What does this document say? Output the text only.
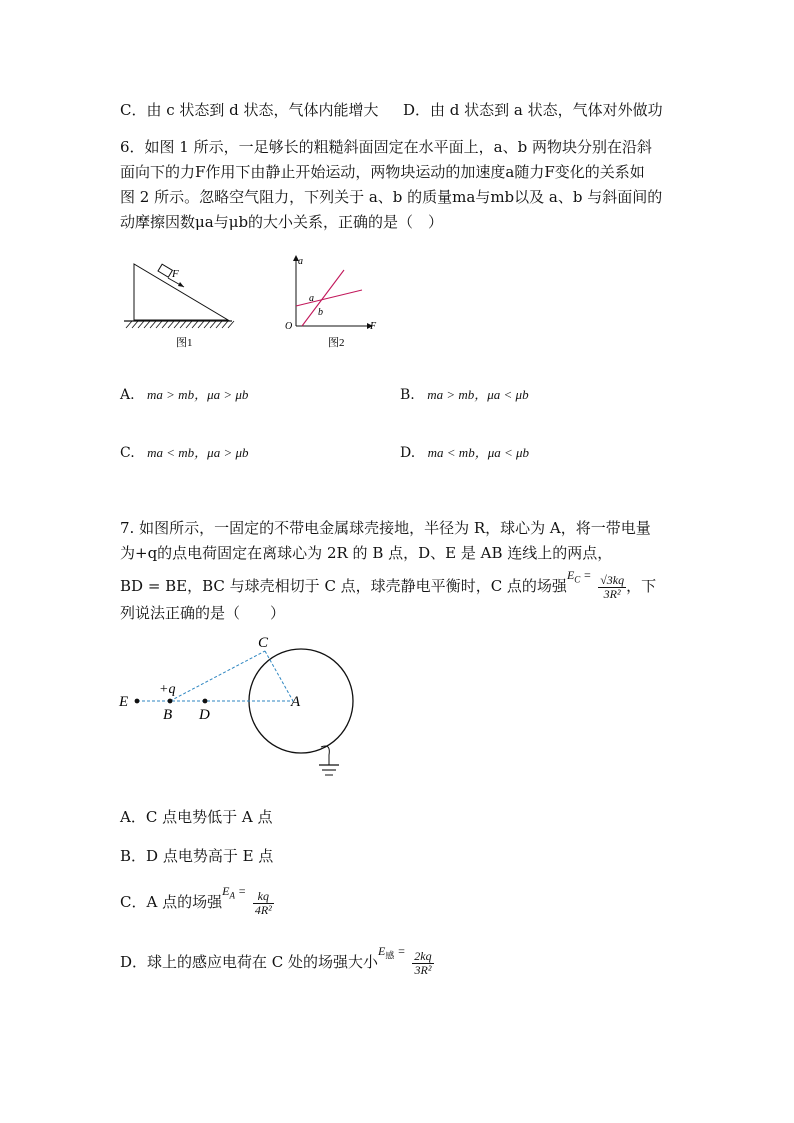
C．由 c 状态到 d 状态，气体内能增大 D．由 d 状态到 a 状态，气体对外做功
6．如图 1 所示，一足够长的粗糙斜面固定在水平面上，a、b 两物块分别在沿斜
面向下的力F作用下由静止开始运动，两物块运动的加速度a随力F变化的关系如
图 2 所示。忽略空气阻力，下列关于 a、b 的质量ma与mb以及 a、b 与斜面间的
动摩擦因数μa与μb的大小关系，正确的是（　）
F
图1
a
F
O
a
b
图2
A. ma > mb，μa > μb	B. ma > mb，μa < μb
C. ma < mb，μa > μb	D. ma < mb，μa < μb
7. 如图所示，一固定的不带电金属球壳接地，半径为 R，球心为 A，将一带电量
为+q的点电荷固定在离球心为 2R 的 B 点，D、E 是 AB 连线上的两点，
BD = BE，BC 与球壳相切于 C 点，球壳静电平衡时，C 点的场强$^{E_C =} \frac{√3kq}{\text{3R²}}$ ，下
列说法正确的是（　　）
C
+q
E
B D
A
A．C 点电势低于 A 点
B．D 点电势高于 E 点
C．A 点的场强$^{E_A =} \frac{kq}{\text{4R²}}$
D．球上的感应电荷在 C 处的场强大小$^{E_感 =} \frac{2kq}{\text{3R²}}$
